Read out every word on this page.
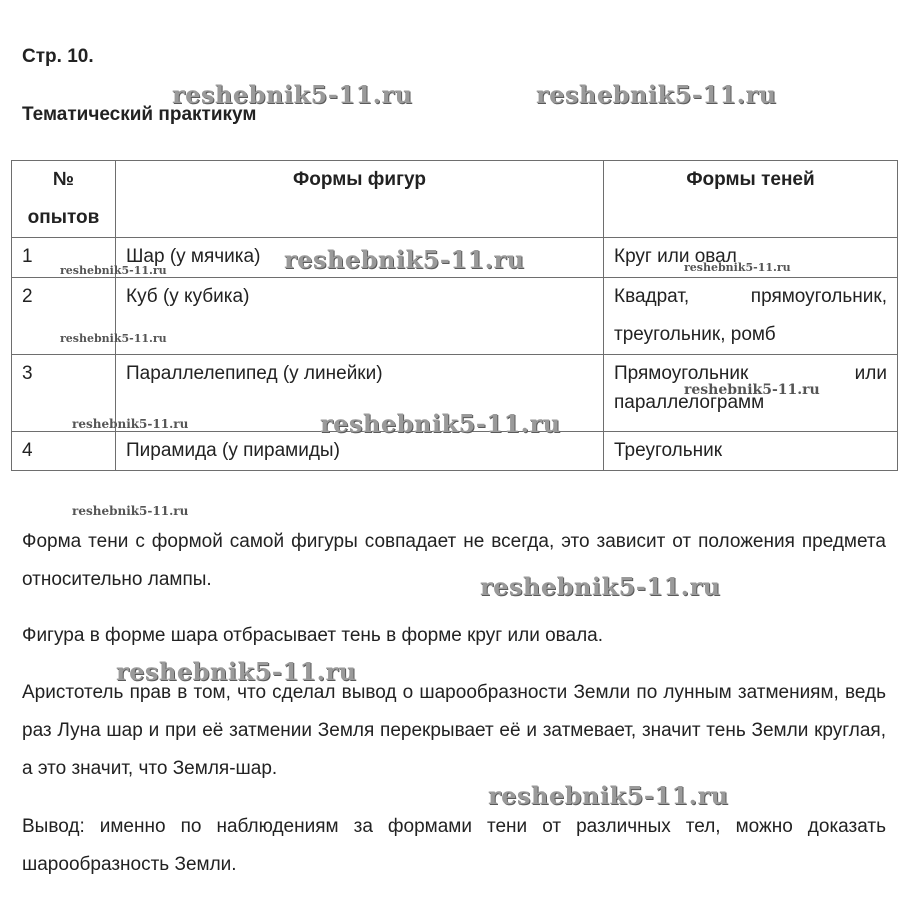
Стр. 10.
Тематический практикум
№ опытов	Формы фигур	Формы теней
1	Шар (у мячика)	Круг или овал
2	Куб (у кубика)	Квадрат, прямоугольник,
треугольник, ромб

3	Параллелепипед (у линейки)	Прямоугольник или
параллелограмм

4	Пирамида (у пирамиды)	Треугольник
Форма тени с формой самой фигуры совпадает не всегда, это зависит от положения предмета относительно лампы.
Фигура в форме шара отбрасывает тень в форме круг или овала.
Аристотель прав в том, что сделал вывод о шарообразности Земли по лунным затмениям, ведь раз Луна шар и при её затмении Земля перекрывает её и затмевает, значит тень Земли круглая, а это значит, что Земля-шар.
Вывод: именно по наблюдениям за формами тени от различных тел, можно доказать шарообразность Земли.
reshebnik5-11.ru	reshebnik5-11.ru
reshebnik5-11.ru
reshebnik5-11.ru	reshebnik5-11.ru
reshebnik5-11.ru
reshebnik5-11.ru
reshebnik5-11.ru	reshebnik5-11.ru
reshebnik5-11.ru
reshebnik5-11.ru
reshebnik5-11.ru
reshebnik5-11.ru
